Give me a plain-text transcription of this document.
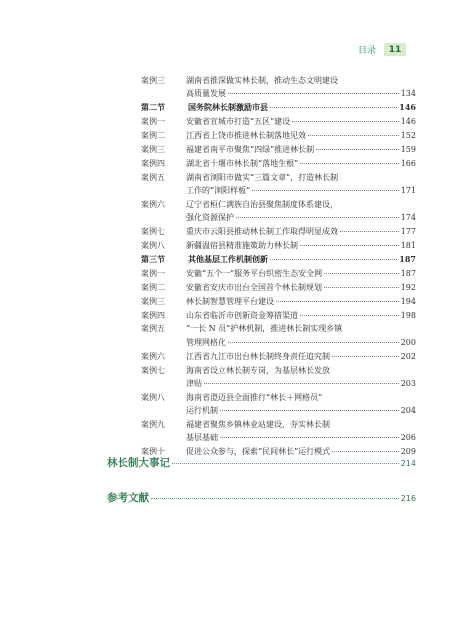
目录	11
案例三	湖南省推深做实林长制，推动生态文明建设
高质量发展	134
第二节	国务院林长制激励市县	146
案例一	安徽省宣城市打造“五区”建设	146
案例二	江西省上饶市推进林长制落地见效	152
案例三	福建省南平市聚焦“四绿”推进林长制	159
案例四	湖北省十堰市林长制“落地生根”	166
案例五	湖南省浏阳市做实“三篇文章”，打造林长制
工作的“浏阳样板”	171
案例六	辽宁省桓仁满族自治县聚焦制度体系建设，
强化资源保护	174
案例七	重庆市云阳县推动林长制工作取得明显成效	177
案例八	新疆温宿县精准施策助力林长制	181
第三节	其他基层工作机制创新	187
案例一	安徽“五个一”服务平台织密生态安全网	187
案例二	安徽省安庆市出台全国首个林长制规划	192
案例三	林长制智慧管理平台建设	194
案例四	山东省临沂市创新资金筹措渠道	198
案例五	“一长 N 员”护林机制，推进林长制实现乡镇
管理网格化	200
案例六	江西省九江市出台林长制终身责任追究制	202
案例七	海南省设立林长制专岗，为基层林长发放
津贴	203
案例八	海南省澄迈县全面推行“林长＋网格员”
运行机制	204
案例九	福建省聚焦乡镇林业站建设，夯实林长制
基层基础	206
案例十	促进公众参与，探索“民间林长”运行模式	209
林长制大事记	214
参考文献	216
